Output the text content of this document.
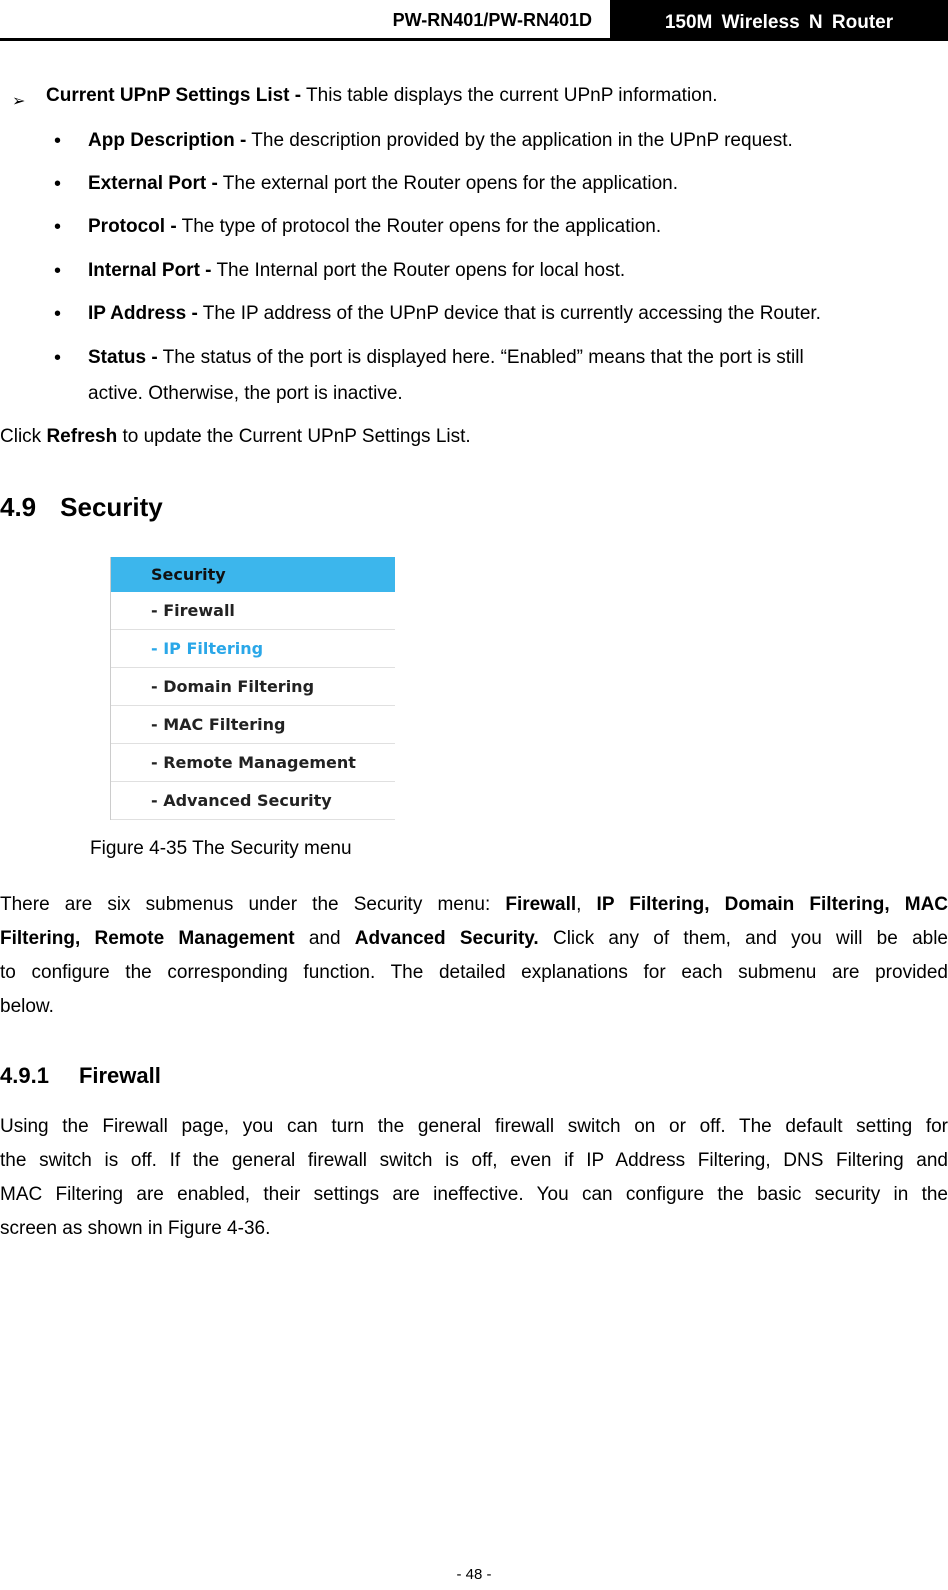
PW-RN401/PW-RN401D	150M Wireless N Router
➢ Current UPnP Settings List - This table displays the current UPnP information.
• App Description - The description provided by the application in the UPnP request.
• External Port - The external port the Router opens for the application.
• Protocol - The type of protocol the Router opens for the application.
• Internal Port - The Internal port the Router opens for local host.
• IP Address - The IP address of the UPnP device that is currently accessing the Router.
• Status - The status of the port is displayed here. “Enabled” means that the port is still
active. Otherwise, the port is inactive.
Click Refresh to update the Current UPnP Settings List.
4.9 Security
Security
- Firewall
- IP Filtering
- Domain Filtering
- MAC Filtering
- Remote Management
- Advanced Security
Figure 4-35 The Security menu
There are six submenus under the Security menu: Firewall, IP Filtering, Domain Filtering, MAC
Filtering, Remote Management and Advanced Security. Click any of them, and you will be able
to configure the corresponding function. The detailed explanations for each submenu are provided
below.
4.9.1 Firewall
Using the Firewall page, you can turn the general firewall switch on or off. The default setting for
the switch is off. If the general firewall switch is off, even if IP Address Filtering, DNS Filtering and
MAC Filtering are enabled, their settings are ineffective. You can configure the basic security in the
screen as shown in Figure 4-36.
- 48 -
